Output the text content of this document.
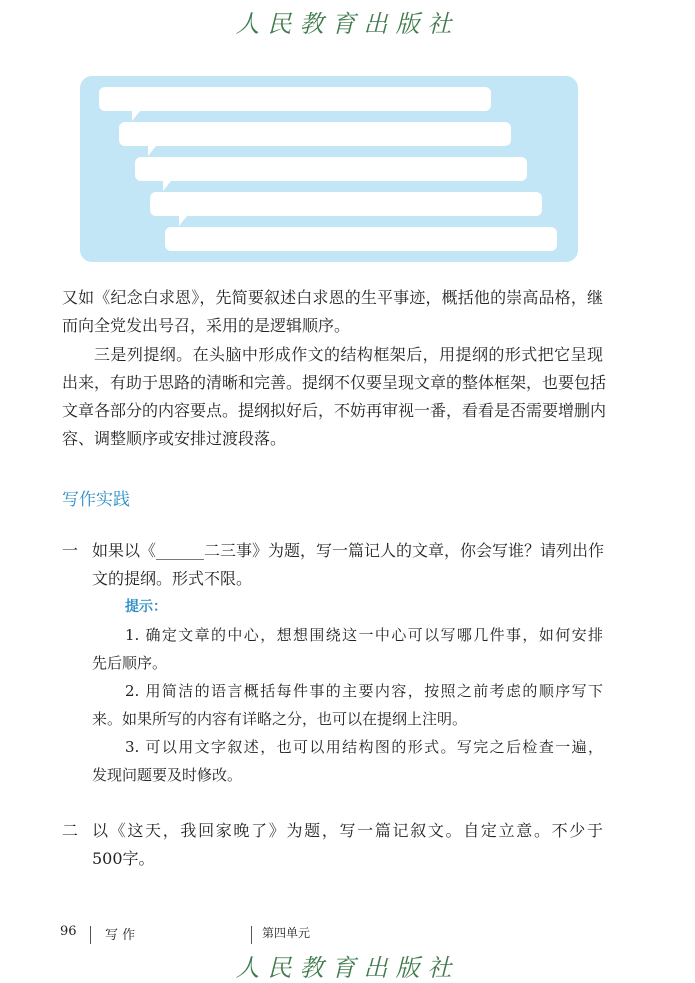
人民教育出版社
又如《纪念白求恩》，先简要叙述白求恩的生平事迹，概括他的崇高品格，继
而向全党发出号召，采用的是逻辑顺序。
三是列提纲。在头脑中形成作文的结构框架后，用提纲的形式把它呈现
出来，有助于思路的清晰和完善。提纲不仅要呈现文章的整体框架，也要包括
文章各部分的内容要点。提纲拟好后，不妨再审视一番，看看是否需要增删内
容、调整顺序或安排过渡段落。
写作实践
一 如果以《______二三事》为题，写一篇记人的文章，你会写谁？请列出作
文的提纲。形式不限。
提示：
1. 确定文章的中心，想想围绕这一中心可以写哪几件事，如何安排
先后顺序。
2. 用简洁的语言概括每件事的主要内容，按照之前考虑的顺序写下
来。如果所写的内容有详略之分，也可以在提纲上注明。
3. 可以用文字叙述，也可以用结构图的形式。写完之后检查一遍，
发现问题要及时修改。
二 以《这天，我回家晚了》为题，写一篇记叙文。自定立意。不少于
500字。
96 写 作	第四单元
人民教育出版社
